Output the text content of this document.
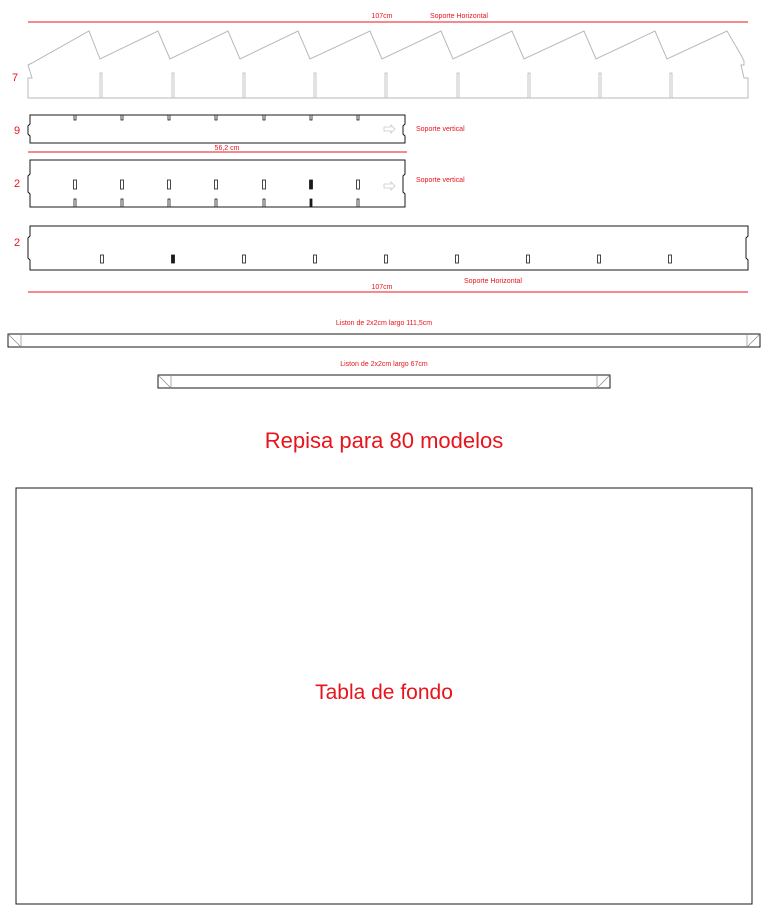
107cm	Soporte Horizontal
7
9	Soporte vertical
56,2 cm
2	Soporte vertical
2
Soporte Horizontal
107cm
Liston de 2x2cm largo 111,5cm
Liston de 2x2cm largo 67cm
Repisa para 80 modelos
Tabla de fondo
